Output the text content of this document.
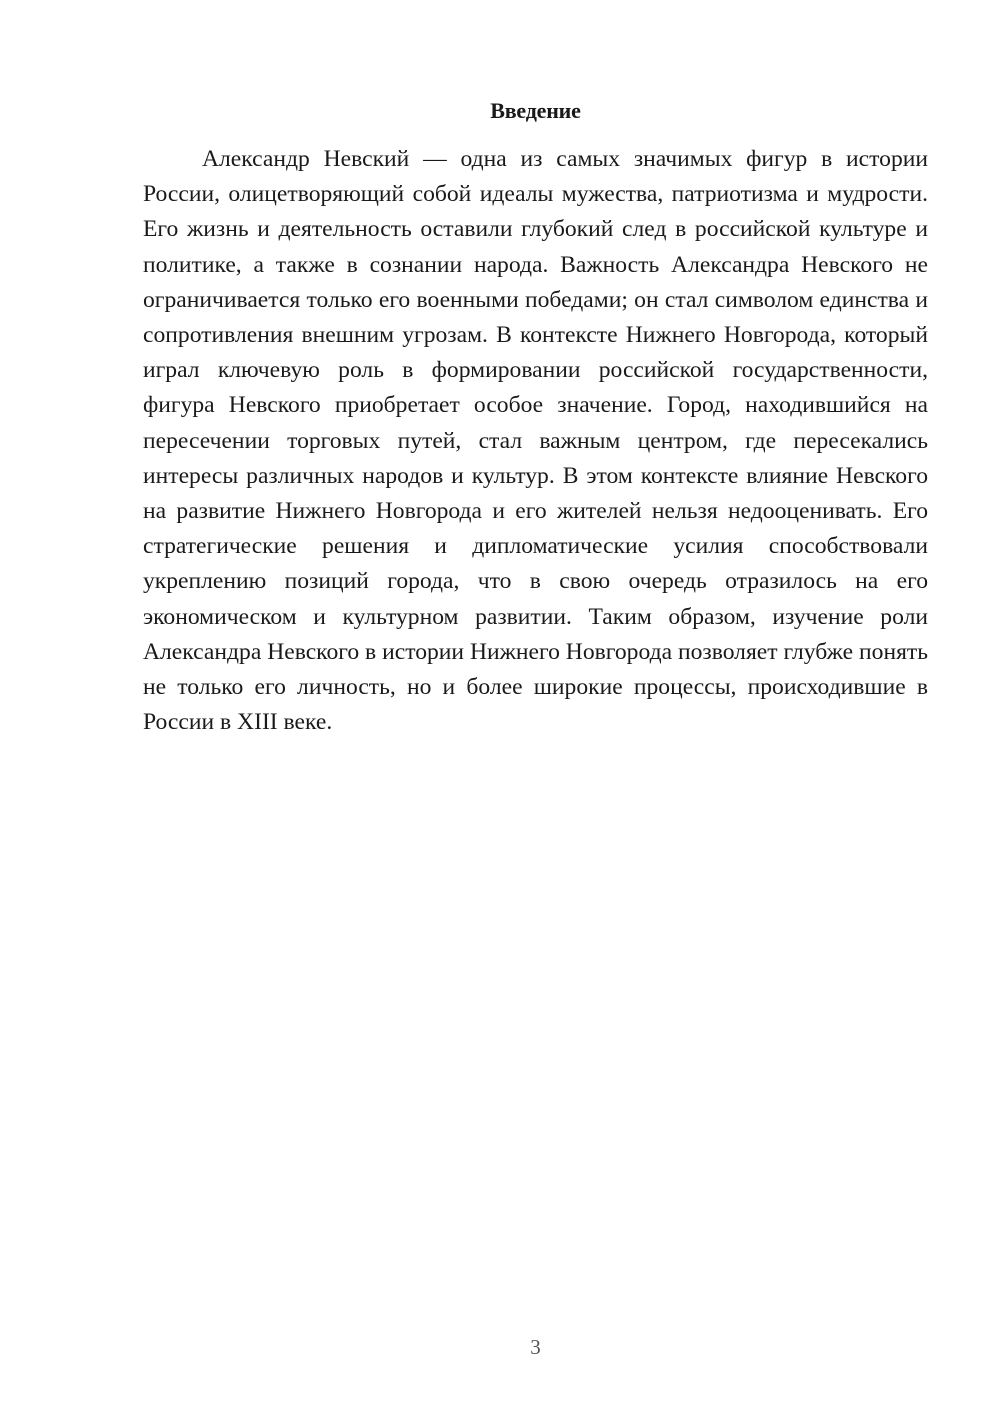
Введение

Александр Невский — одна из самых значимых фигур в истории России, олицетворяющий собой идеалы мужества, патриотизма и мудрости. Его жизнь и деятельность оставили глубокий след в российской культуре и политике, а также в сознании народа. Важность Александра Невского не ограничивается только его военными победами; он стал символом единства и сопротивления внешним угрозам. В контексте Нижнего Новгорода, который играл ключевую роль в формировании российской государственности, фигура Невского приобретает особое значение. Город, находившийся на пересечении торговых путей, стал важным центром, где пересекались интересы различных народов и культур. В этом контексте влияние Невского на развитие Нижнего Новгорода и его жителей нельзя недооценивать. Его стратегические решения и дипломатические усилия способствовали укреплению позиций города, что в свою очередь отразилось на его экономическом и культурном развитии. Таким образом, изучение роли Александра Невского в истории Нижнего Новгорода позволяет глубже понять не только его личность, но и более широкие процессы, происходившие в России в XIII веке.

3
